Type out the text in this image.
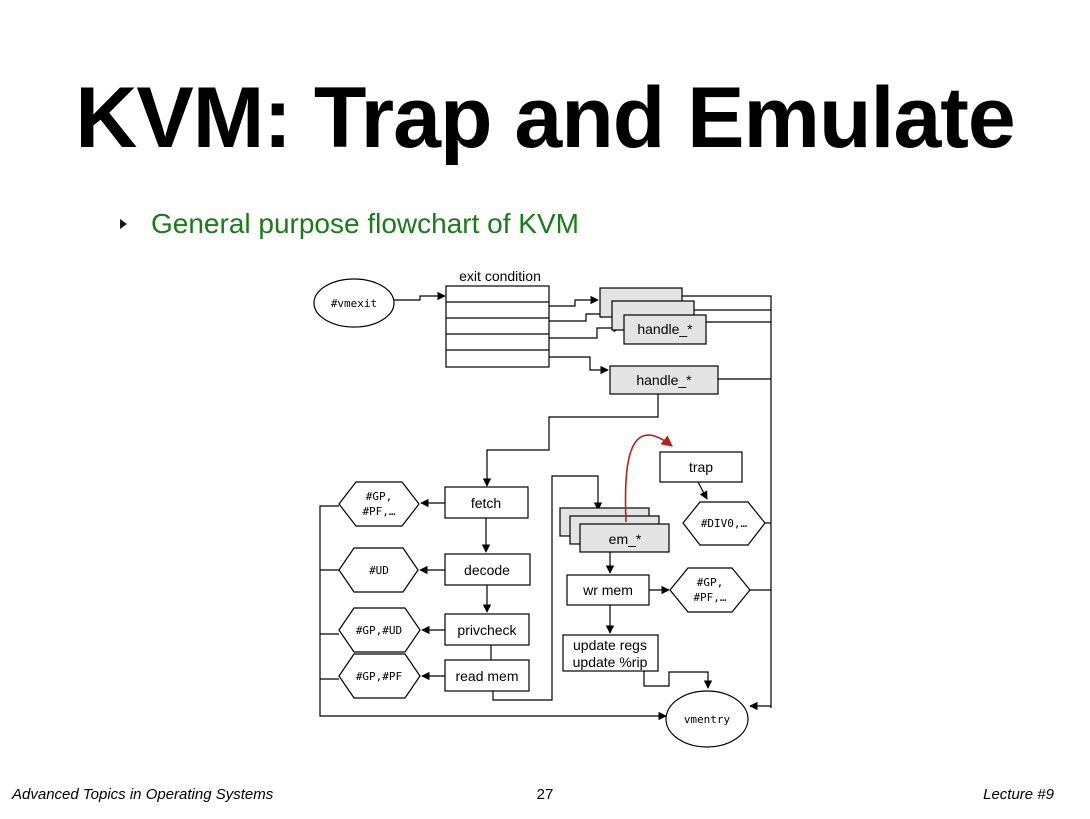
KVM: Trap and Emulate
General purpose flowchart of KVM
#vmexit
exit condition
handle_*
handle_*
trap
#DIV0,…
fetch
decode
privcheck
read mem
#GP,
#PF,…
#UD
#GP,#UD
#GP,#PF
em_*
wr mem	#GP,
#PF,…
update regs
update %rip
vmentry
Advanced Topics in Operating Systems	27	Lecture #9
